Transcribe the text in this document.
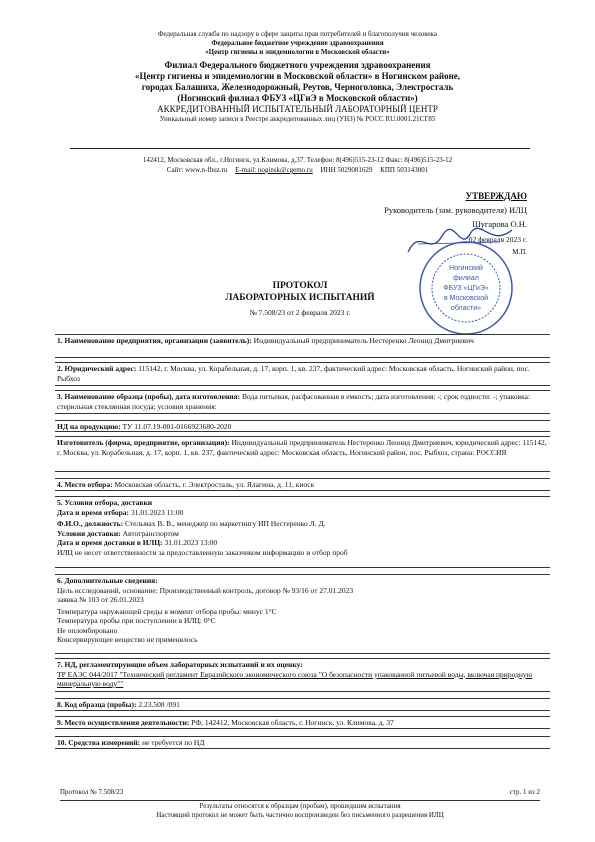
Федеральная служба по надзору в сфере защиты прав потребителей и благополучия человека
Федеральное бюджетное учреждение здравоохранения
«Центр гигиены и эпидемиологии в Московской области»
Филиал Федерального бюджетного учреждения здравоохранения
«Центр гигиены и эпидемиологии в Московской области» в Ногинском районе,
городах Балашиха, Железнодорожный, Реутов, Черноголовка, Электросталь
(Ногинский филиал ФБУЗ «ЦГиЭ в Московской области»)
АККРЕДИТОВАННЫЙ ИСПЫТАТЕЛЬНЫЙ ЛАБОРАТОРНЫЙ ЦЕНТР
Уникальный номер записи в Реестре аккредитованных лиц (УНЗ) № РОСС RU.0001.21СГ85
142412, Московская обл., г.Ногинск, ул.Климова, д.37. Телефон: 8(496)515-23-12 Факс: 8(496)515-23-12
Сайт: www.n-fbuz.ru E-mail: noginsk@cgemo.ru ИНН 5029081629 КПП 503143001
УТВЕРЖДАЮ
Руководитель (зам. руководителя) ИЛЦ
Шугарова О.Н.
02 февраля 2023 г.
М.П.
Ногинский
филиал
ФБУЗ «ЦГиЭ»
в Московской
области»
ПРОТОКОЛ
ЛАБОРАТОРНЫХ ИСПЫТАНИЙ
№ 7.508/23 от 2 февраля 2023 г.
1. Наименование предприятия, организации (заявитель): Индивидуальный предприниматель Нестеренко Леонид Дмитриевич
2. Юридический адрес: 115142, г. Москва, ул. Корабельная, д. 17, корп. 1, кв. 237, фактический адрес: Московская область, Ногинский район, пос. Рыбхоз
3. Наименование образца (пробы), дата изготовления: Вода питьевая, расфасованная в емкость; дата изготовления: -; срок годности: -; упаковка: стерильная стеклянная посуда; условия хранения:
НД на продукцию: ТУ 11.07.19-001-0166923680-2020
Изготовитель (фирма, предприятие, организация): Индивидуальный предприниматель Нестеренко Леонид Дмитриевич, юридический адрес: 115142, г. Москва, ул. Корабельная, д. 17, корп. 1, кв. 237, фактический адрес: Московская область, Ногинский район, пос. Рыбхоз, страна: РОССИЯ
4. Место отбора: Московская область, г. Электросталь, ул. Ялагина, д. 11, киоск
5. Условия отбора, доставки
Дата и время отбора: 31.01.2023 11:00
Ф.И.О., должность: Стельмах В. В., менеджер по маркетингу ИП Нестеренко Л. Д.
Условия доставки: Автотранспортом
Дата и время доставки в ИЛЦ: 31.01.2023 13:00
ИЛЦ не несет ответственности за предоставленную заказчиком информацию и отбор проб
6. Дополнительные сведения:
Цель исследований, основание: Производственный контроль, договор № 93/16 от 27.01.2023
заявка № 103 от 26.01.2023
Температура окружающей среды в момент отбора пробы: минус 1°С
Температура пробы при поступлении в ИЛЦ: 0°С
Не опломбировано
Консервирующее вещество не применялось
7. НД, регламентирующие объем лабораторных испытаний и их оценку:
ТР ЕАЭС 044/2017 "Технический регламент Евразийского экономического союза "О безопасности упакованной питьевой воды, включая природную минеральную воду""
8. Код образца (пробы): 2.23.508 /091
9. Место осуществления деятельности: РФ, 142412, Московская область, г. Ногинск, ул. Климова, д. 37
10. Средства измерений: не требуется по НД
Протокол № 7.508/23	стр. 1 из 2
Результаты относятся к образцам (пробам), прошедшим испытания
Настоящий протокол не может быть частично воспроизведен без письменного разрешения ИЛЦ
